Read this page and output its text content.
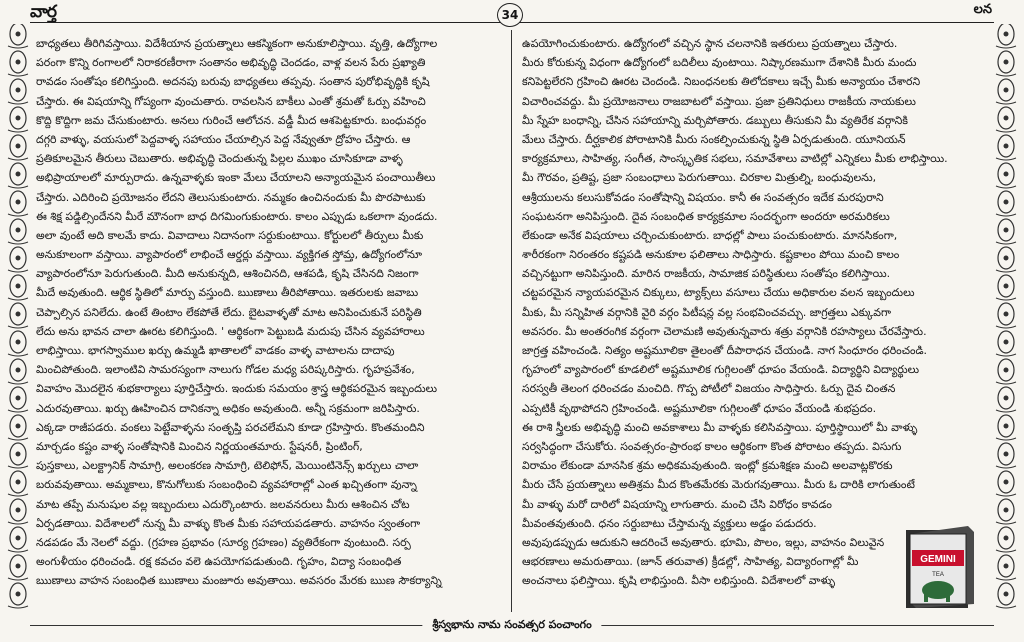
వార్త	34	లన
బాధ్యతలు తీరిగివస్తాయి. విదేశీయాన ప్రయత్నాలు ఆకస్మికంగా అనుకూలిస్తాయి. వృత్తి, ఉద్యోగాల
పరంగా కొన్ని రంగాలలో నిరాకరణీరాగా సంతానం అభివృద్ధి చెందడం, వాళ్ల వలన పేరు ప్రఖ్యాతి
రావడం సంతోషం కలిగిస్తుంది. అదనపు బరువు బాధ్యతలు తప్పవు. సంతాన పురోభివృద్ధికి కృషి
చేస్తారు. ఈ విషయాన్ని గోప్యంగా వుంచుతారు. రావలసిన బాకీలు ఎంతో శ్రమతో ఓర్పు వహించి
కొద్ది కొద్దిగా జమ చేసుకుంటారు. అనలు గురించే ఆలోచన. వడ్డీ మీద ఆశపెట్టకూరు. బంధువర్గం
దగ్గరి వాళ్ళు, వయసులో పెద్దవాళ్ళ సహాయం చేయాల్సిన పెద్ద నేవ్వుతూ ద్రోహం చేస్తారు. ఆ
ప్రతికూలమైన తీరులు చెబుతారు. అభివృద్ధి చెందుతున్న పిల్లల ముఖం చూసికూడా వాళ్ళ
అభిప్రాయాలలో మార్పురాదు. ఉన్నవాళ్ళకు ఇంకా మేలు చేయాలని అన్యాయమైన పంచాయితీలు
చేస్తారు. ఎదిరించి ప్రయోజనం లేదని తెలుసుకుంటారు. నమ్మకం ఉంచినందుకు మీ పొరపాటుకు
ఈ శిక్ష పడ్డిల్సిందేనని మీరే మౌనంగా బాధ దిగమింగుకుంటారు. కాలం ఎప్పుడు ఒకలాగా వుండదు.
అలా వుంటే అది కాలమే కాదు. వివాదాలు నిదానంగా సర్దుకుంటాయి. కోర్టులలో తీర్పులు మీకు
అనుకూలంగా వస్తాయి. వ్యాపారంలో లాభించే ఆర్డర్లు వస్తాయి. వ్యక్తిగత స్తోమ్త, ఉద్యోగంలోనూ
వ్యాపారంలోనూ పెరుగుతుంది. మీది అనుకున్నది, ఆశించినది, ఆశపడి, కృషి చేసినది నిజంగా
మీదే అవుతుంది. ఆర్థిక స్థితిలో మార్పు వస్తుంది. ఋణాలు తీరిపోతాయి. ఇతరులకు జవాబు
చెప్పాల్సిన పనిలేదు. ఉంటే తింటాం లేకపోతే లేదు. బైటవాళ్ళతో మాట అనిపించుకునే పరిస్థితి
లేదు అను భావన చాలా ఊరట కలిగిస్తుంది. ' ఆర్థికంగా పెట్టుబడి మదుపు చేసిన వ్యవహారాలు
లాభిస్తాయి. భాగస్వాముల ఖర్చు ఉమ్మడి ఖాతాలలో వాడకం వాళ్ళ వాటాలను దాదాపు
మించిపోతుంది. ఇలాంటివి సామరస్యంగా నాలుగు గోడల మధ్య పరిష్కరిస్తారు. గృహప్రవేశం,
వివాహం మొదలైన శుభకార్యాలు పూర్తిచేస్తారు. ఇందుకు సమయం శ్రాస్త్ర ఆర్థికపరమైన ఇబ్బందులు
ఎదురవుతాయి. ఖర్చు ఊహించిన దానికన్నా అధికం అవుతుంది. అన్నీ సక్రమంగా జరిపిస్తారు.
ఎక్కడా రాజీపడరు. వంకలు పెట్టేవాళ్ళను సంతృప్తి పరచలేమని కూడా గ్రహిస్తారు. కొంతమందిని
మార్చడం కష్టం వాళ్ళ సంతోషానికి మించిన నిర్ణయంతమారు. స్టేషనరీ, ప్రింటింగ్,
పుస్తకాలు, ఎలక్ట్రానిక్ సామాగ్రి, అలంకరణ సామాగ్రి, టెలిఫోన్, మెయింటినెన్స్ ఖర్చులు చాలా
బరువవుతాయి. అమ్మకాలు, కొనుగోలుకు సంబంధించి వ్యవహారాల్లో ఎంత ఖచ్చితంగా వున్నా
మాట తప్పే మనుషుల వల్ల ఇబ్బందులు ఎదుర్కొంటారు. జలవనరులు మీరు ఆశించిన చోట
ఏర్పడతాయి. విదేశాలలో నున్న మీ వాళ్ళు కొంత మీకు సహాయపడతారు. వాహనం స్వంతంగా
నడపడం మే నెలలో వద్దు. (గ్రహణ ప్రభావం (సూర్య గ్రహణం) వ్యతిరేకంగా వుంటుంది. సర్ప
అంగుళీయం ధరించండి. రక్ష కవచం వలె ఉపయోగపడుతుంది. గృహం, విద్యా సంబంధిత
ఋణాలు వాహన సంబంధిత ఋణాలు మంజూరు అవుతాయి. అవసరం మేరకు ఋణ సౌకర్యాన్ని
ఉపయోగించుకుంటారు. ఉద్యోగంలో వచ్చిన స్థాన చలనానికి ఇతరులు ప్రయత్నాలు చేస్తారు.
మీరు కోరుకున్న విధంగా ఉద్యోగంలో బదిలీలు వుంటాయి. నిష్కారణముగా దేశానికి మీరు మందు
కనిపెట్టలేరని గ్రహించి ఊరట చెందండి. నిబంధనలకు తిలోదకాలు ఇచ్చే మీకు అన్యాయం చేశారని
విచారించవద్దు. మీ ప్రయోజనాలు రాజబాటలో వస్తాయి. ప్రజా ప్రతినిధులు రాజకీయ నాయకులు
మీ స్నేహ బంధాన్ని, చేసిన సహాయాన్ని మర్చిపోతారు. డబ్బులు తీసుకుని మీ వ్యతిరేక వర్గానికి
మేలు చేస్తారు. దీర్ఘకాలిక పోరాటానికి మీరు సంకల్పించుకున్న స్థితి ఏర్పడుతుంది. యూనియన్
కార్యక్రమాలు, సాహిత్య, సంగీత, సాంస్కృతిక సభలు, సమావేశాలు వాటిల్లో ఎన్నికలు మీకు లాభిస్తాయి.
మీ గౌరవం, ప్రతిష్ట, ప్రజా సంబంధాలు పెరుగుతాయి. చిరకాల మిత్రుల్ని, బంధువులను,
ఆశ్రీయులను కలుసుకోవడం సంతోషాన్ని విషయం. కానీ ఈ సంవత్సరం ఇదేక మరపురాని
సంఘటనగా అనిపిస్తుంది. దైవ సంబంధిత కార్యక్రమాల సందర్భంగా అందరూ అరమరికలు
లేకుండా అనేక విషయాలు చర్చించుకుంటారు. బాధల్లో పాలు పంచుకుంటారు. మానసికంగా,
శారీరకంగా నిరంతరం కష్టపడి అనుకూల ఫలితాలు సాధిస్తారు. కష్టకాలం పోయి మంచి కాలం
వచ్చినట్టుగా అనిపిస్తుంది. మారిన రాజకీయ, సామాజిక పరిస్థితులు సంతోషం కలిగిస్తాయి.
చట్టపరమైన న్యాయపరమైన చిక్కులు, ట్యాక్స్‌లు వసూలు చేయు అధికారుల వలన ఇబ్బందులు
మీకు, మీ సన్నిహిత వర్గానికి వైరి వర్గం పిటీషన్ల వల్ల సంభవించవచ్చు. జాగ్రత్తలు ఎక్కువగా
అవసరం. మీ అంతరంగిక వర్గంగా చెలామణి అవుతున్నవారు శత్రు వర్గానికి రహస్యాలు చేరవేస్తారు.
జాగ్రత్త వహించండి. నిత్యం అష్టమూలికా తైలంతో దీపారాధన చేయండి. నాగ సింధూరం ధరించండి.
గృహంలో వ్యాపారంలో కూడలిలో అష్టమూలిక గుగ్గిలంతో ధూపం వేయండి. విద్యార్థిని విద్యార్థులు
సరస్వతీ తెలంగ ధరించడం మంచిది. గొప్ప పోటీలో విజయం సాధిస్తారు. ఓర్పు దైవ చింతన
ఎప్పటికీ వృథాపోదని గ్రహించండి. అష్టమూలికా గుగ్గిలంతో ధూపం వేయండి శుభప్రదం.
ఈ రాశి స్త్రీలకు అభివృద్ధి మంచి అవకాశాలు మీ వాళ్ళకు కలిసివస్తాయి. పూర్తిస్థాయిలో మీ వాళ్ళు
సర్వసిద్ధంగా చేసుకోరు. సంవత్సరం-ప్రారంభ కాలం ఆర్థికంగా కొంత పోరాటం తప్పదు. విసుగు
విరామం లేకుండా మానసిక శ్రమ అధికమవుతుంది. ఇంట్లో క్రమశిక్షణ మంచి అలవాట్లకొరకు
మీరు చేసే ప్రయత్నాలు అతిశ్రమ మీద కొంతమేరకు మెరుగవుతాయి. మీరు ఓ దారికి లాగుతుంటే
మీ వాళ్ళు మరో దారిలో విషయాన్ని లాగుతారు. మంచి చేసి విరోధం కావడం
మీవంతవుతుంది. ధనం సర్దుబాటు చేస్తామన్న వ్యక్తులు అడ్డం పడుదరు.
అవుపుడప్పుడు ఆదుకుని ఆదరించే అవుతారు. భూమి, పొలం, ఇల్లు, వాహనం విలువైన
ఆభరణాలు అమరుతాయి. (జూన్ తరువాత) క్రీడల్లో, సాహిత్య, విద్యారంగాల్లో మీ
అంచనాలు ఫలిస్తాయి. కృషి లాభిస్తుంది. వీసా లభిస్తుంది. విదేశాలలో వాళ్ళు
GEMINI
TEA
శ్రీస్వభాను నామ సంవత్సర పంచాంగం
